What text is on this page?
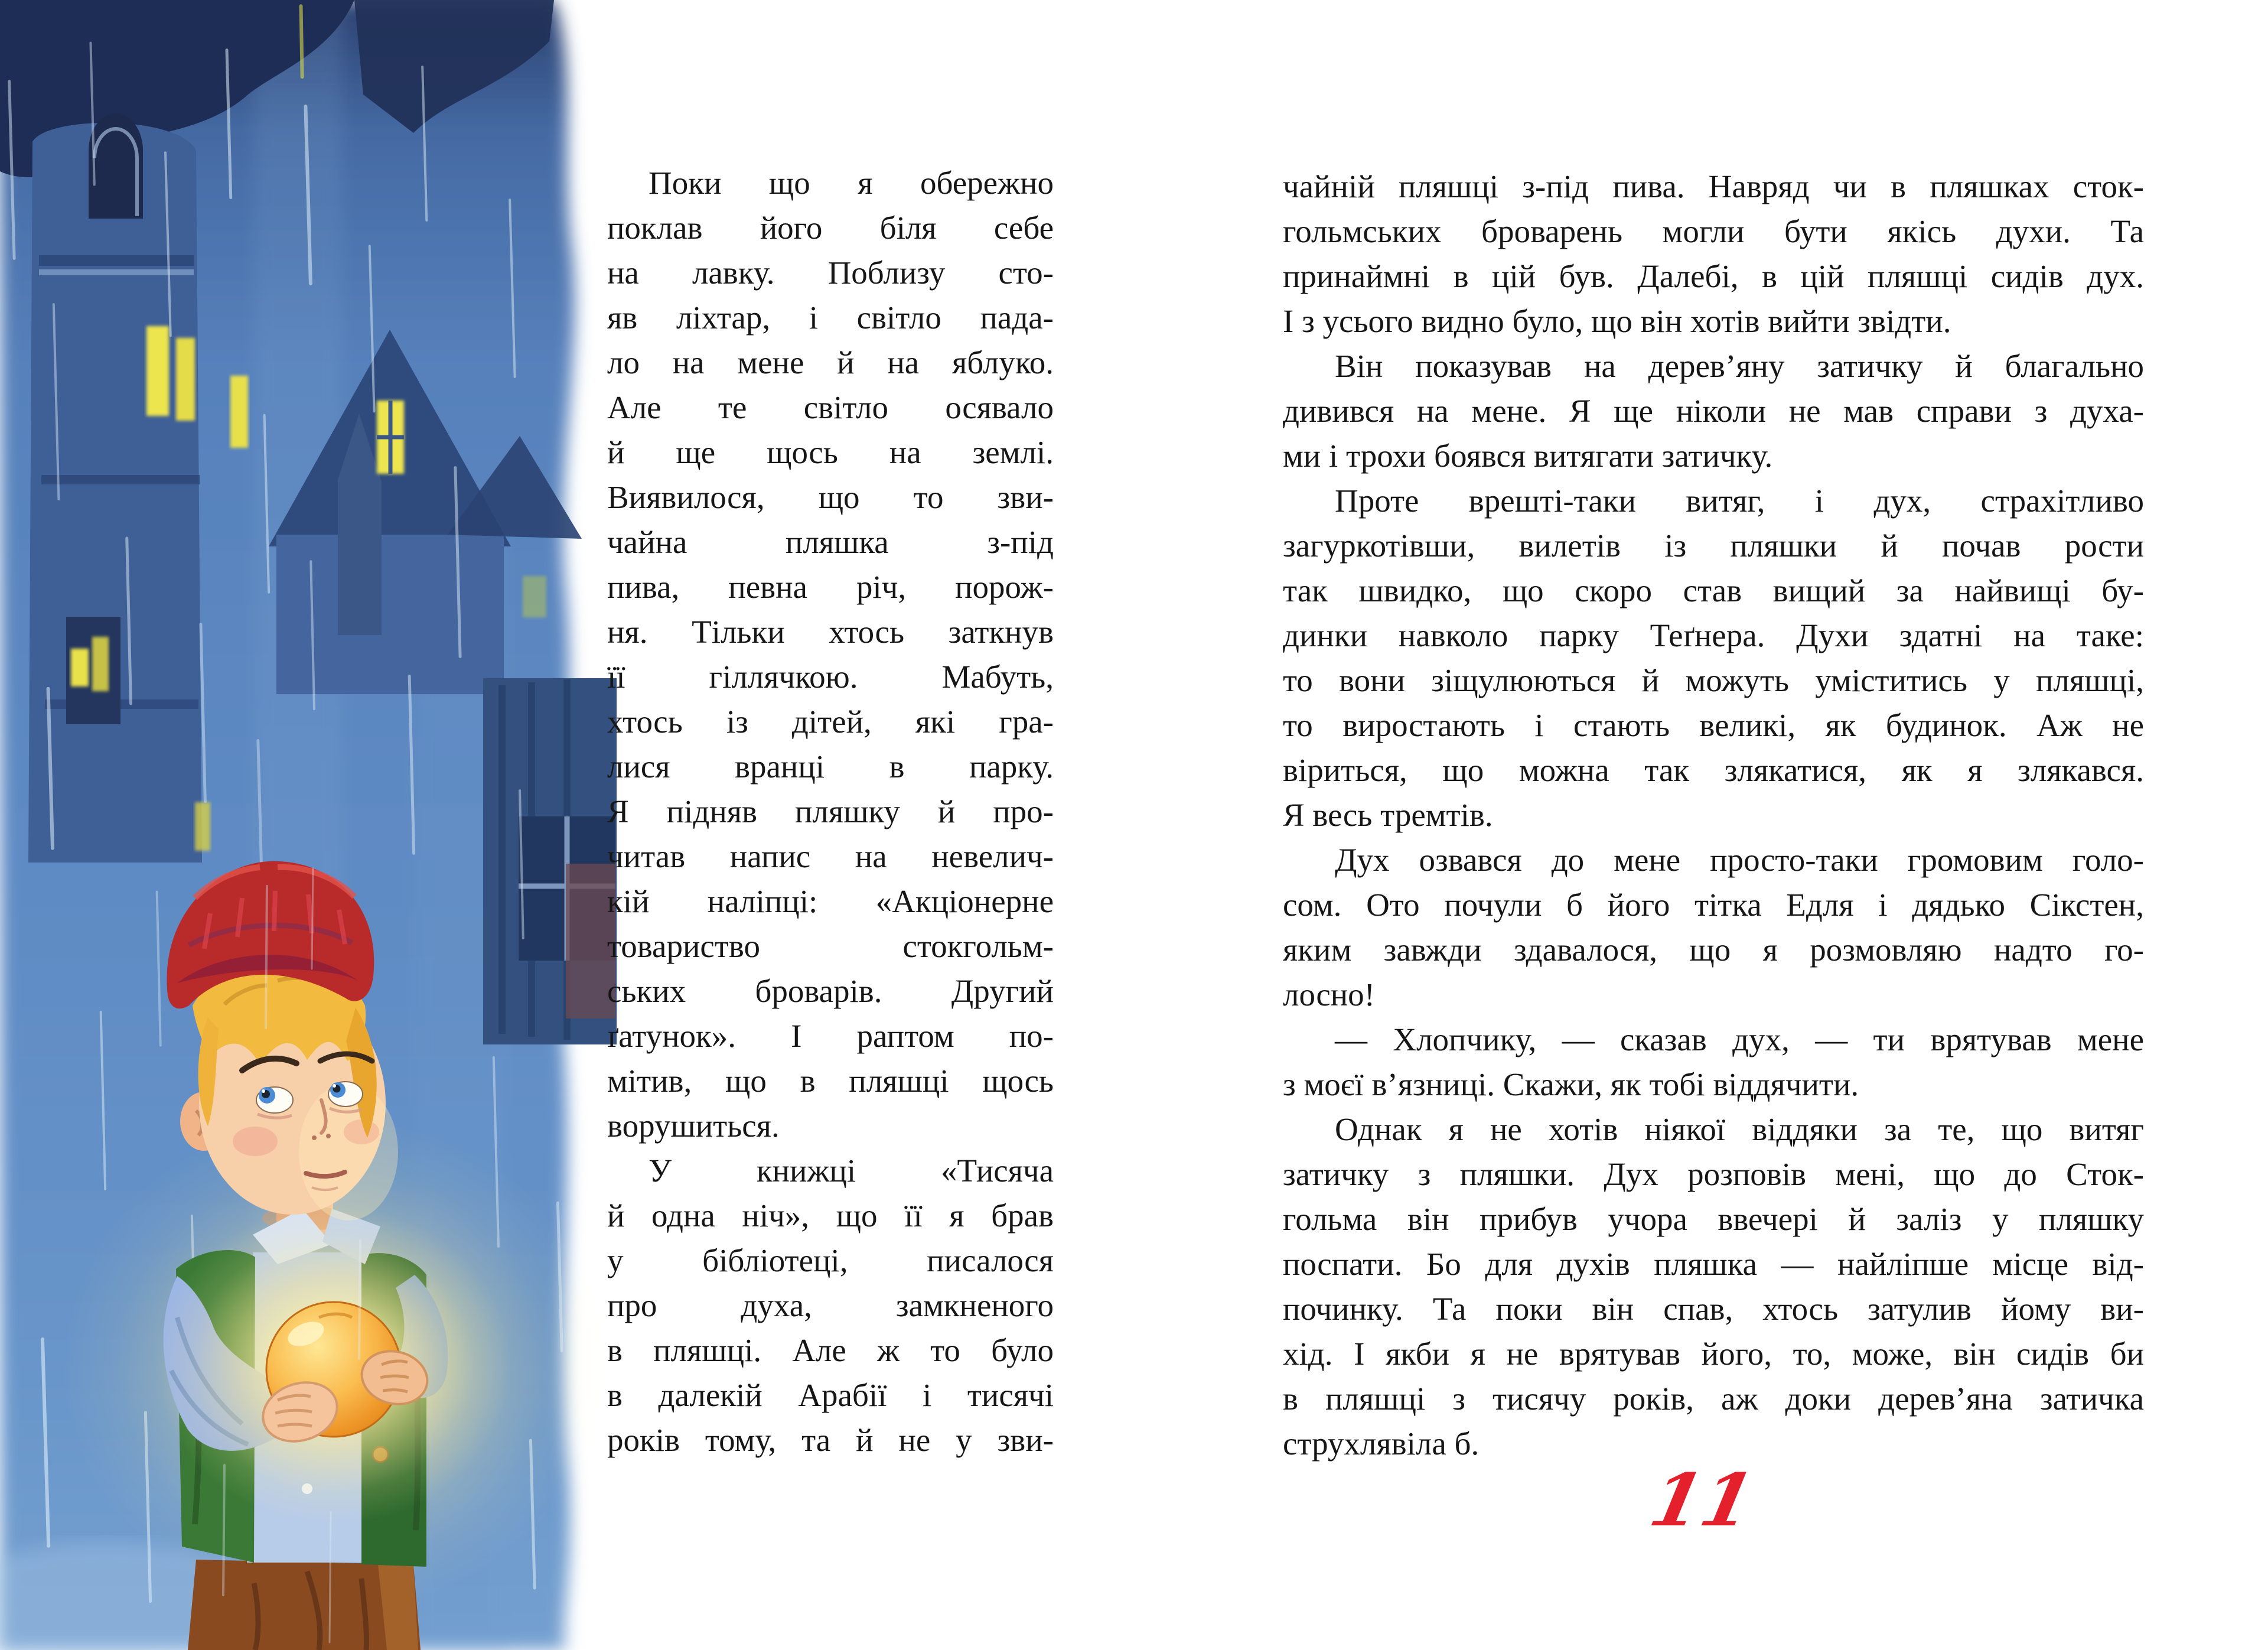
Поки що я обережно
поклав його біля себе
на лавку. Поблизу сто-
яв ліхтар, і світло пада-
ло на мене й на яблуко.
Але те світло осявало
й ще щось на землі.
Виявилося, що то зви-
чайна пляшка з-під
пива, певна річ, порож-
ня. Тільки хтось заткнув
її гіллячкою. Мабуть,
хтось із дітей, які гра-
лися вранці в парку.
Я підняв пляшку й про-
читав напис на невелич-
кій наліпці: «Акціонерне
товариство стокгольм-
ських броварів. Другий
ґатунок». І раптом по-
мітив, що в пляшці щось
ворушиться.
У книжці «Тисяча
й одна ніч», що її я брав
у бібліотеці, писалося
про духа, замкненого
в пляшці. Але ж то було
в далекій Арабії і тисячі
років тому, та й не у зви-
чайній пляшці з-під пива. Навряд чи в пляшках сток-
гольмських броварень могли бути якісь духи. Та
принаймні в цій був. Далебі, в цій пляшці сидів дух.
І з усього видно було, що він хотів вийти звідти.
Він показував на дерев’яну затичку й благально
дивився на мене. Я ще ніколи не мав справи з духа-
ми і трохи боявся витягати затичку.
Проте врешті-таки витяг, і дух, страхітливо
загуркотівши, вилетів із пляшки й почав рости
так швидко, що скоро став вищий за найвищі бу-
динки навколо парку Теґнера. Духи здатні на таке:
то вони зіщулюються й можуть уміститись у пляшці,
то виростають і стають великі, як будинок. Аж не
віриться, що можна так злякатися, як я злякався.
Я весь тремтів.
Дух озвався до мене просто-таки громовим голо-
сом. Ото почули б його тітка Едля і дядько Сікстен,
яким завжди здавалося, що я розмовляю надто го-
лосно!
— Хлопчику, — сказав дух, — ти врятував мене
з моєї в’язниці. Скажи, як тобі віддячити.
Однак я не хотів ніякої віддяки за те, що витяг
затичку з пляшки. Дух розповів мені, що до Сток-
гольма він прибув учора ввечері й заліз у пляшку
поспати. Бо для духів пляшка — найліпше місце від-
починку. Та поки він спав, хтось затулив йому ви-
хід. І якби я не врятував його, то, може, він сидів би
в пляшці з тисячу років, аж доки дерев’яна затичка
струхлявіла б.
11
